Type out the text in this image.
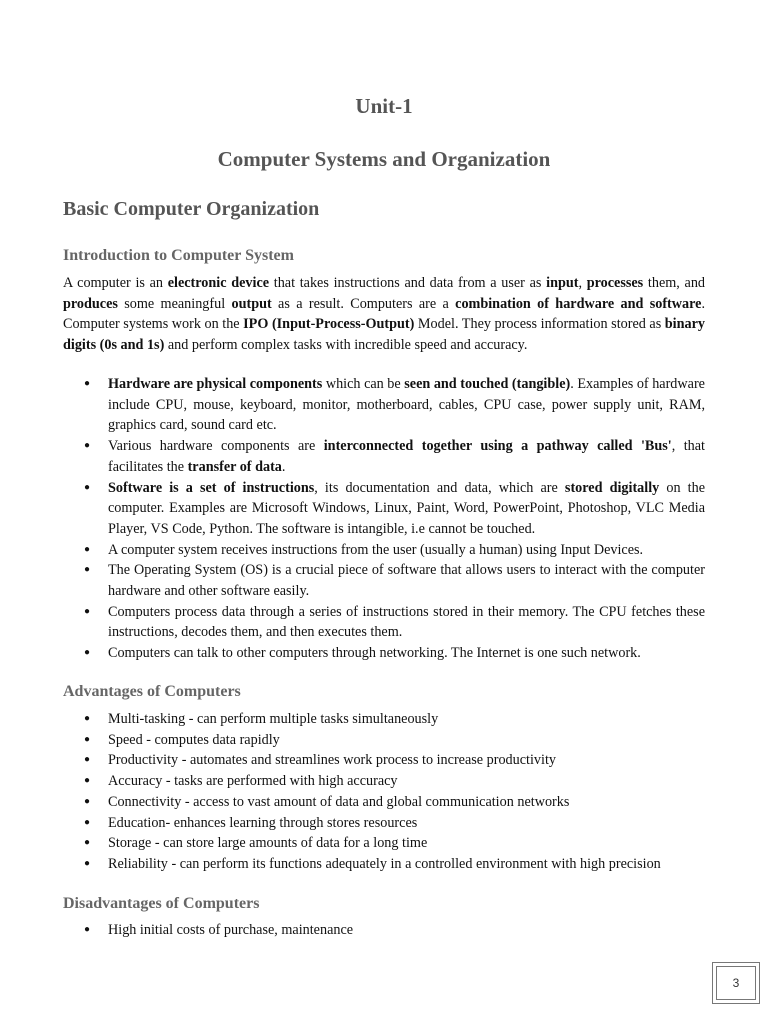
Unit-1
Computer Systems and Organization
Basic Computer Organization
Introduction to Computer System

A computer is an electronic device that takes instructions and data from a user as input, processes them, and produces some meaningful output as a result. Computers are a combination of hardware and software. Computer systems work on the IPO (Input-Process-Output) Model. They process information stored as binary digits (0s and 1s) and perform complex tasks with incredible speed and accuracy.

● Hardware are physical components which can be seen and touched (tangible). Examples of hardware include CPU, mouse, keyboard, monitor, motherboard, cables, CPU case, power supply unit, RAM, graphics card, sound card etc.
● Various hardware components are interconnected together using a pathway called 'Bus', that facilitates the transfer of data.
● Software is a set of instructions, its documentation and data, which are stored digitally on the computer. Examples are Microsoft Windows, Linux, Paint, Word, PowerPoint, Photoshop, VLC Media Player, VS Code, Python. The software is intangible, i.e cannot be touched.
● A computer system receives instructions from the user (usually a human) using Input Devices.
● The Operating System (OS) is a crucial piece of software that allows users to interact with the computer hardware and other software easily.
● Computers process data through a series of instructions stored in their memory. The CPU fetches these instructions, decodes them, and then executes them.
● Computers can talk to other computers through networking. The Internet is one such network.
Advantages of Computers
● Multi-tasking - can perform multiple tasks simultaneously
● Speed - computes data rapidly
● Productivity - automates and streamlines work process to increase productivity
● Accuracy - tasks are performed with high accuracy
● Connectivity - access to vast amount of data and global communication networks
● Education- enhances learning through stores resources
● Storage - can store large amounts of data for a long time
● Reliability - can perform its functions adequately in a controlled environment with high precision
Disadvantages of Computers
● High initial costs of purchase, maintenance
3
